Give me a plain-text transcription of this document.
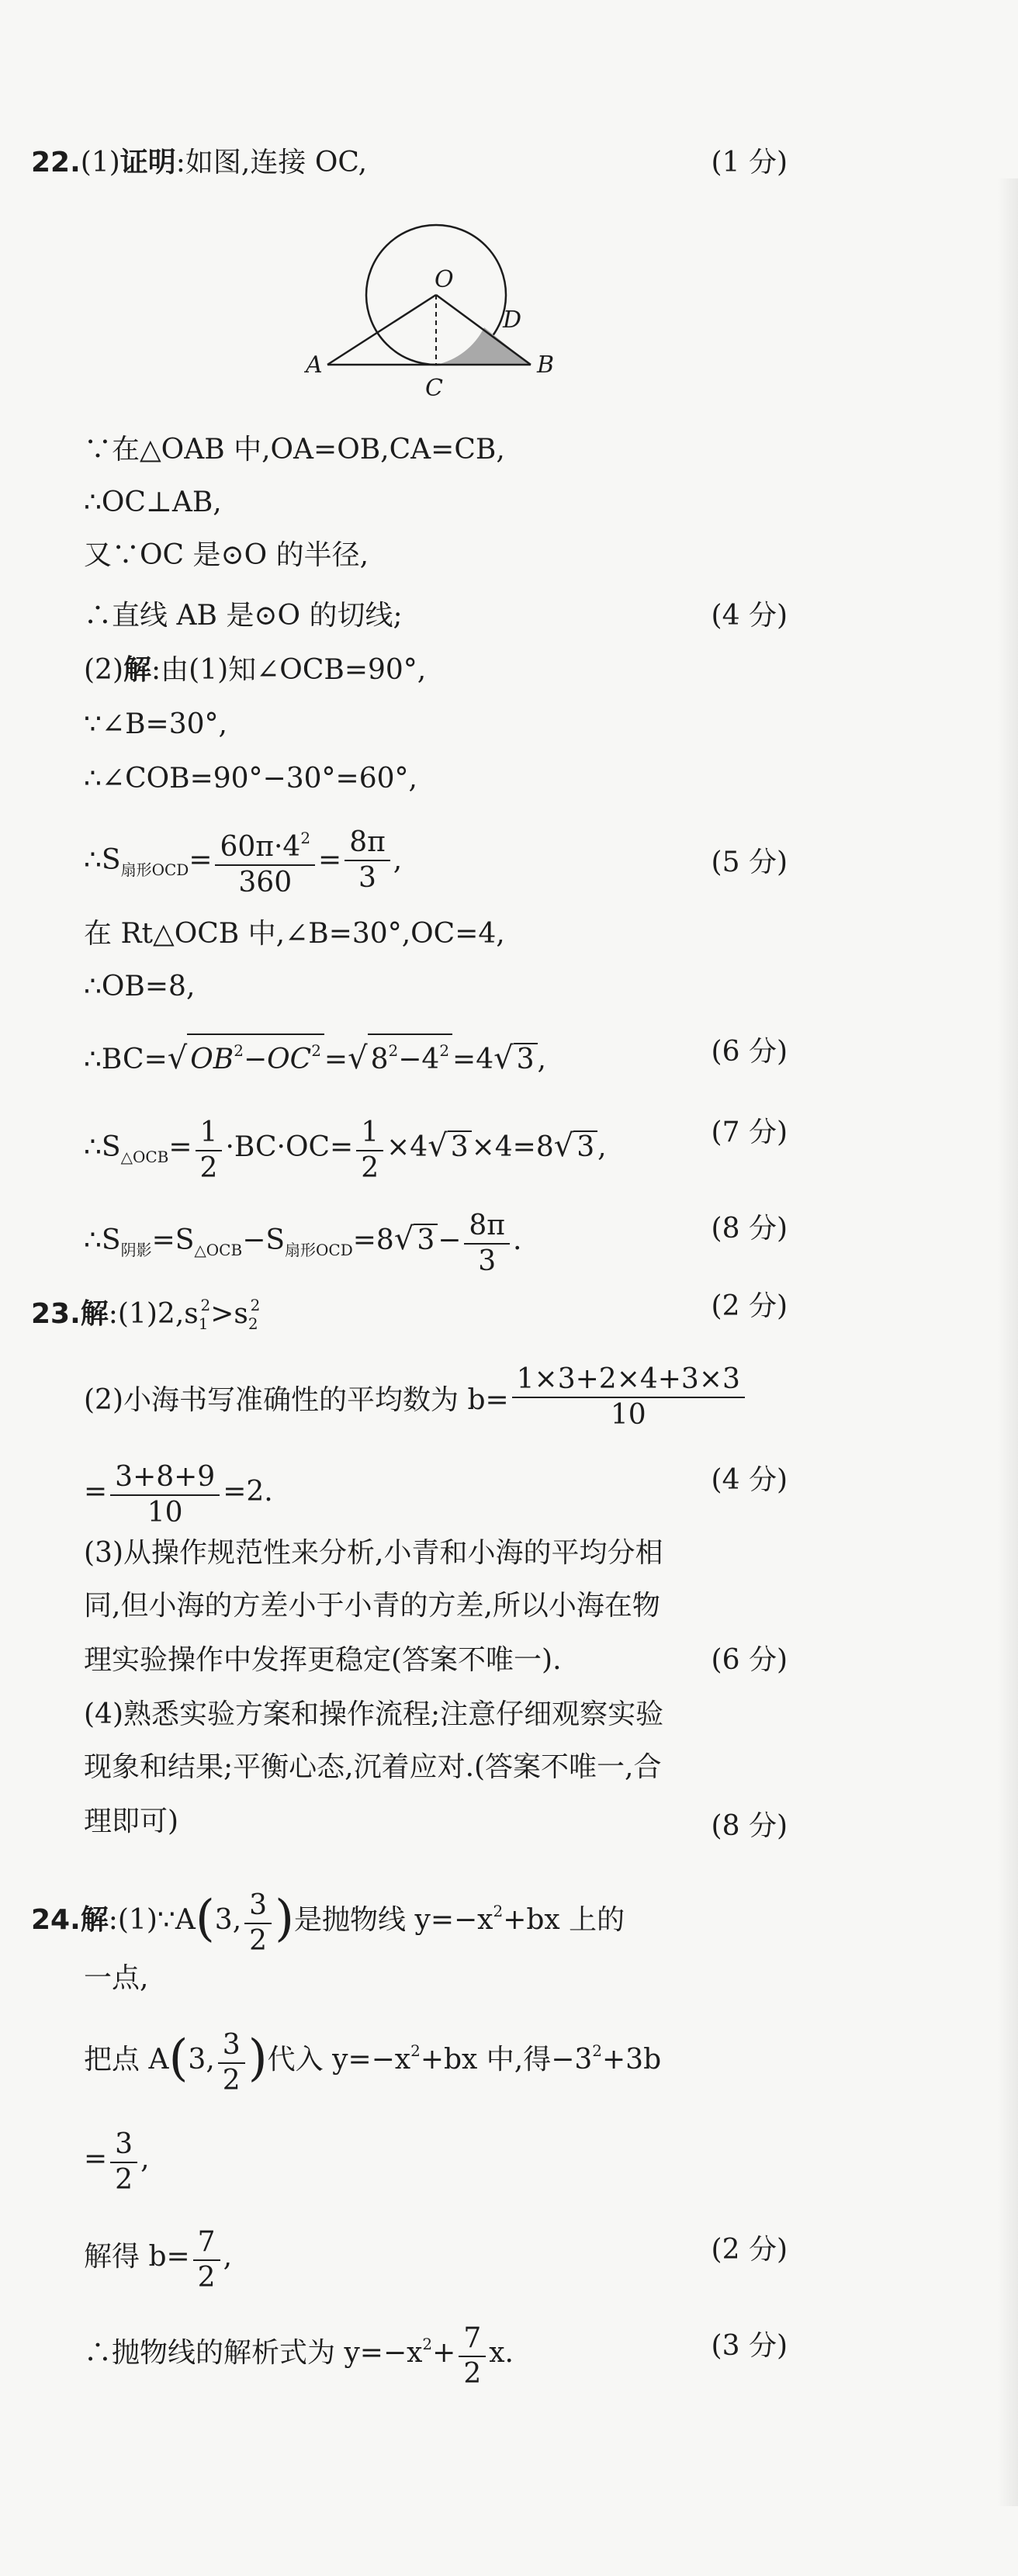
22.(1)证明:如图,连接 OC,	(1 分)
A	B
C
D
O
∵在△OAB 中,OA=OB,CA=CB,
∴OC⊥AB,
又∵OC 是⊙O 的半径,
∴直线 AB 是⊙O 的切线;	(4 分)
(2)解:由(1)知∠OCB=90°,
∵∠B=30°,
∴∠COB=90°−30°=60°,
$\therefore S_{扇形OCD}= \frac{60\pi\cdot 4^2}{360} = \frac{8\pi}{3}$ ,	(5 分)
在 Rt△OCB 中,∠B=30°,OC=4,
∴OB=8,
∴BC=√ $OB^2-OC^2$ =√ $8^2-4^2 =4√$ 3 ,	(6 分)
$\therefore S_{\triangle OCB}= \frac{1}{2} \cdot BC\cdot OC= \frac{1}{2} \times 4√$ 3 ×4=8√ 3 ,	(7 分)
$\therefore S_{阴影}=S_{\triangle OCB}-S_{扇形OCD}=8√$ $3 - \frac{8\pi}{3}$ .	(8 分)
23.解$:(1)2,s_1^2>s_2^2$	(2 分)
(2)小海书写准确性的平均数为 $b= \frac{1\times 3+2\times 4+3\times 3}{10}$
= $\frac{3+8+9}{10} =2$.	(4 分)
(3)从操作规范性来分析,小青和小海的平均分相
同,但小海的方差小于小青的方差,所以小海在物
理实验操作中发挥更稳定(答案不唯一).	(6 分)
(4)熟悉实验方案和操作流程;注意仔细观察实验
现象和结果;平衡心态,沉着应对.(答案不唯一,合
理即可)	(8 分)
24.解:(1)∵A(3, $\frac{3}{2}$ )是抛物线 $y=-x^2+bx$ 上的
一点,
把点 A(3, $\frac{3}{2}$ )代入 $y=-x^2+bx$ 中,得$-3^2+3b$
= $\frac{3}{2}$ ,
解得 $b= \frac{7}{2}$ ,	(2 分)
∴抛物线的解析式为 $y=-x^2+ \frac{7}{2} x$.	(3 分)
